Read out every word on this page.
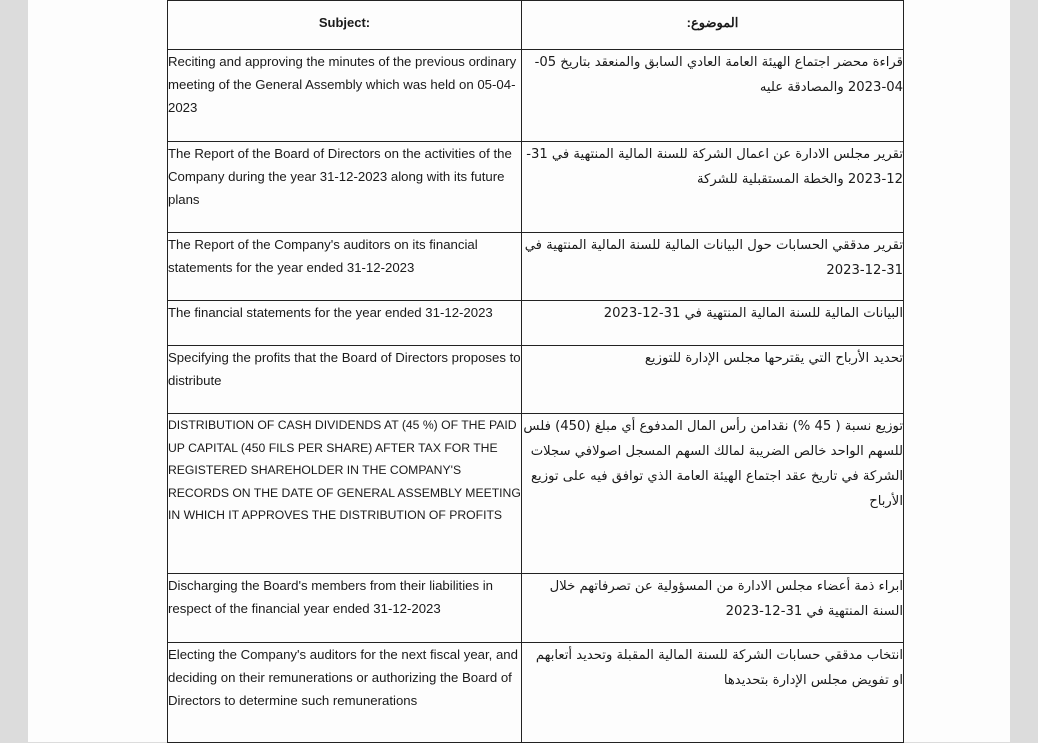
Subject:	الموضوع:

Reciting and approving the minutes of the previous ordinary meeting of the General Assembly which was held on 05-04-2023	قراءة محضر اجتماع الهيئة العامة العادي السابق والمنعقد بتاريخ 05-04-2023 والمصادقة عليه
The Report of the Board of Directors on the activities of the Company during the year 31-12-2023 along with its future plans	تقرير مجلس الادارة عن اعمال الشركة للسنة المالية المنتهية في 31-12-2023 والخطة المستقبلية للشركة
The Report of the Company's auditors on its financial statements for the year ended 31-12-2023	تقرير مدققي الحسابات حول البيانات المالية للسنة المالية المنتهية في 31-12-2023
The financial statements for the year ended 31-12-2023	البيانات المالية للسنة المالية المنتهية في 31-12-2023
Specifying the profits that the Board of Directors proposes to distribute	تحديد الأرباح التي يقترحها مجلس الإدارة للتوزيع
DISTRIBUTION OF CASH DIVIDENDS AT (45 %) OF THE PAID UP CAPITAL (450 FILS PER SHARE) AFTER TAX FOR THE REGISTERED SHAREHOLDER IN THE COMPANY'S RECORDS ON THE DATE OF GENERAL ASSEMBLY MEETING IN WHICH IT APPROVES THE DISTRIBUTION OF PROFITS	توزيع نسبة ( 45 %) نقدامن رأس المال المدفوع أي مبلغ (450) فلس للسهم الواحد خالص الضريبة لمالك السهم المسجل اصولافي سجلات الشركة في تاريخ عقد اجتماع الهيئة العامة الذي توافق فيه على توزيع الأرباح
Discharging the Board's members from their liabilities in respect of the financial year ended 31-12-2023	ابراء ذمة أعضاء مجلس الادارة من المسؤولية عن تصرفاتهم خلال السنة المنتهية في 31-12-2023
Electing the Company's auditors for the next fiscal year, and deciding on their remunerations or authorizing the Board of Directors to determine such remunerations	انتخاب مدققي حسابات الشركة للسنة المالية المقبلة وتحديد أتعابهم او تفويض مجلس الإدارة بتحديدها
